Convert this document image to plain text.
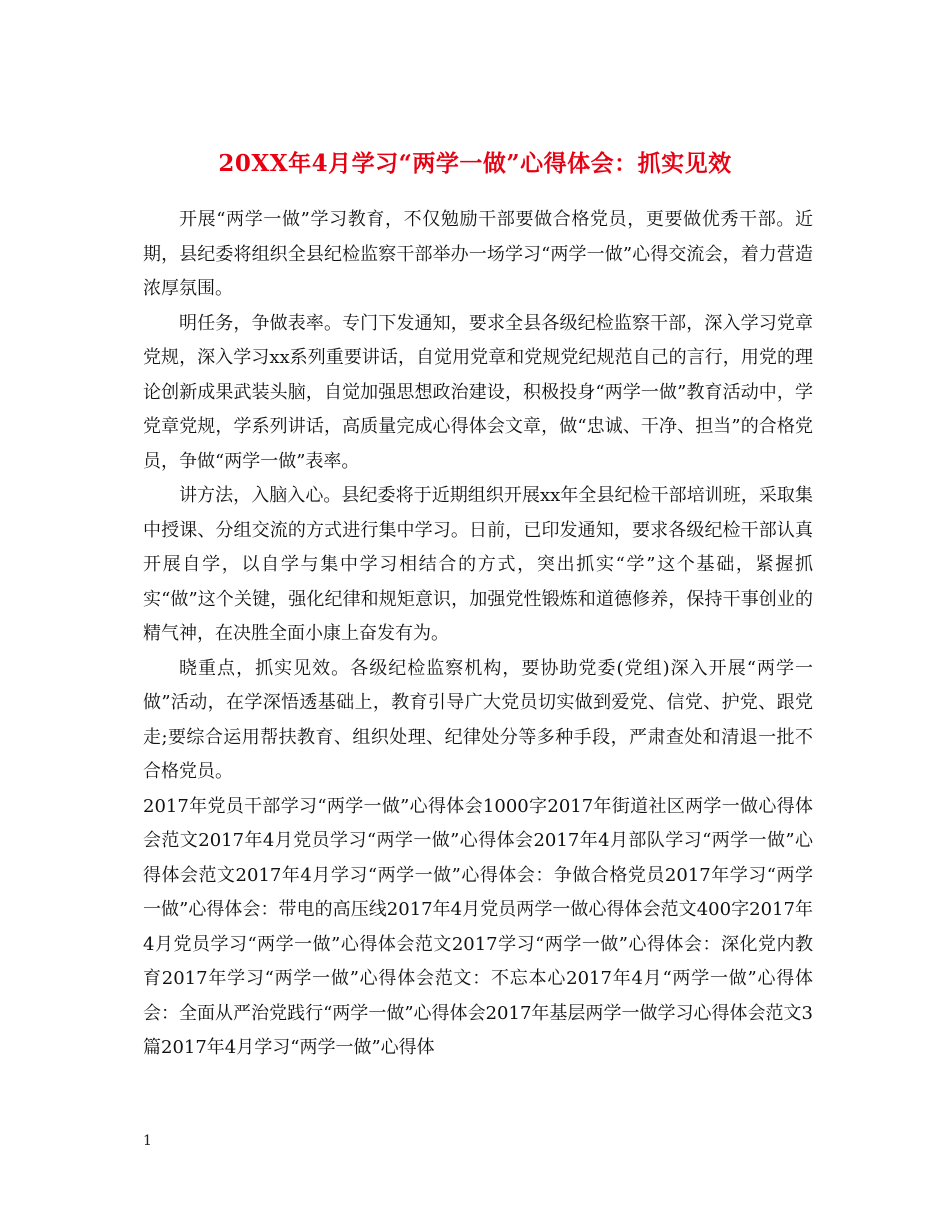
20XX年4月学习“两学一做”心得体会：抓实见效

开展“两学一做”学习教育，不仅勉励干部要做合格党员，更要做优秀干部。近期，县纪委将组织全县纪检监察干部举办一场学习“两学一做”心得交流会，着力营造浓厚氛围。

明任务，争做表率。专门下发通知，要求全县各级纪检监察干部，深入学习党章党规，深入学习xx系列重要讲话，自觉用党章和党规党纪规范自己的言行，用党的理论创新成果武装头脑，自觉加强思想政治建设，积极投身“两学一做”教育活动中，学党章党规，学系列讲话，高质量完成心得体会文章，做“忠诚、干净、担当”的合格党员，争做“两学一做”表率。

讲方法，入脑入心。县纪委将于近期组织开展xx年全县纪检干部培训班，采取集中授课、分组交流的方式进行集中学习。日前，已印发通知，要求各级纪检干部认真开展自学，以自学与集中学习相结合的方式，突出抓实“学”这个基础，紧握抓实“做”这个关键，强化纪律和规矩意识，加强党性锻炼和道德修养，保持干事创业的精气神，在决胜全面小康上奋发有为。

晓重点，抓实见效。各级纪检监察机构，要协助党委(党组)深入开展“两学一做”活动，在学深悟透基础上，教育引导广大党员切实做到爱党、信党、护党、跟党走;要综合运用帮扶教育、组织处理、纪律处分等多种手段，严肃查处和清退一批不合格党员。

2017年党员干部学习“两学一做”心得体会1000字2017年街道社区两学一做心得体会范文2017年4月党员学习“两学一做”心得体会2017年4月部队学习“两学一做”心得体会范文2017年4月学习“两学一做”心得体会：争做合格党员2017年学习“两学一做”心得体会：带电的高压线2017年4月党员两学一做心得体会范文400字2017年4月党员学习“两学一做”心得体会范文2017学习“两学一做”心得体会：深化党内教育2017年学习“两学一做”心得体会范文：不忘本心2017年4月“两学一做”心得体会：全面从严治党践行“两学一做”心得体会2017年基层两学一做学习心得体会范文3篇2017年4月学习“两学一做”心得体

1
